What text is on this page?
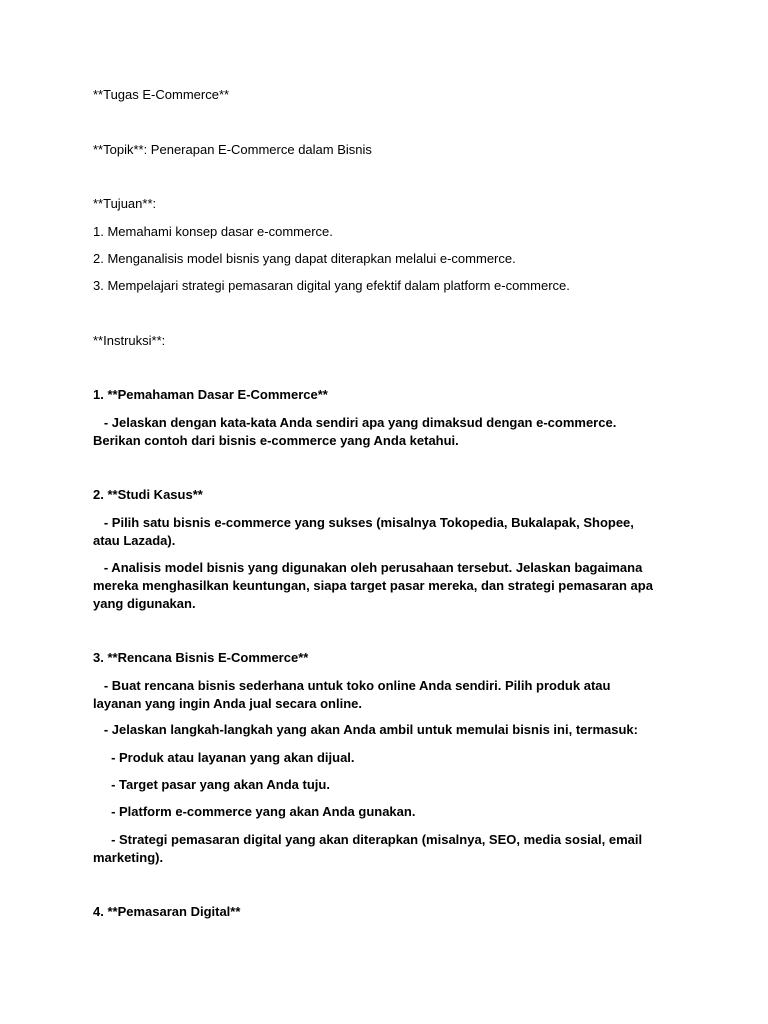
**Tugas E-Commerce**
**Topik**: Penerapan E-Commerce dalam Bisnis
**Tujuan**:
1. Memahami konsep dasar e-commerce.
2. Menganalisis model bisnis yang dapat diterapkan melalui e-commerce.
3. Mempelajari strategi pemasaran digital yang efektif dalam platform e-commerce.
**Instruksi**:
1. **Pemahaman Dasar E-Commerce**
- Jelaskan dengan kata-kata Anda sendiri apa yang dimaksud dengan e-commerce. Berikan contoh dari bisnis e-commerce yang Anda ketahui.
2. **Studi Kasus**
- Pilih satu bisnis e-commerce yang sukses (misalnya Tokopedia, Bukalapak, Shopee, atau Lazada).
- Analisis model bisnis yang digunakan oleh perusahaan tersebut. Jelaskan bagaimana mereka menghasilkan keuntungan, siapa target pasar mereka, dan strategi pemasaran apa yang digunakan.
3. **Rencana Bisnis E-Commerce**
- Buat rencana bisnis sederhana untuk toko online Anda sendiri. Pilih produk atau layanan yang ingin Anda jual secara online.
- Jelaskan langkah-langkah yang akan Anda ambil untuk memulai bisnis ini, termasuk:
- Produk atau layanan yang akan dijual.
- Target pasar yang akan Anda tuju.
- Platform e-commerce yang akan Anda gunakan.
- Strategi pemasaran digital yang akan diterapkan (misalnya, SEO, media sosial, email marketing).
4. **Pemasaran Digital**
